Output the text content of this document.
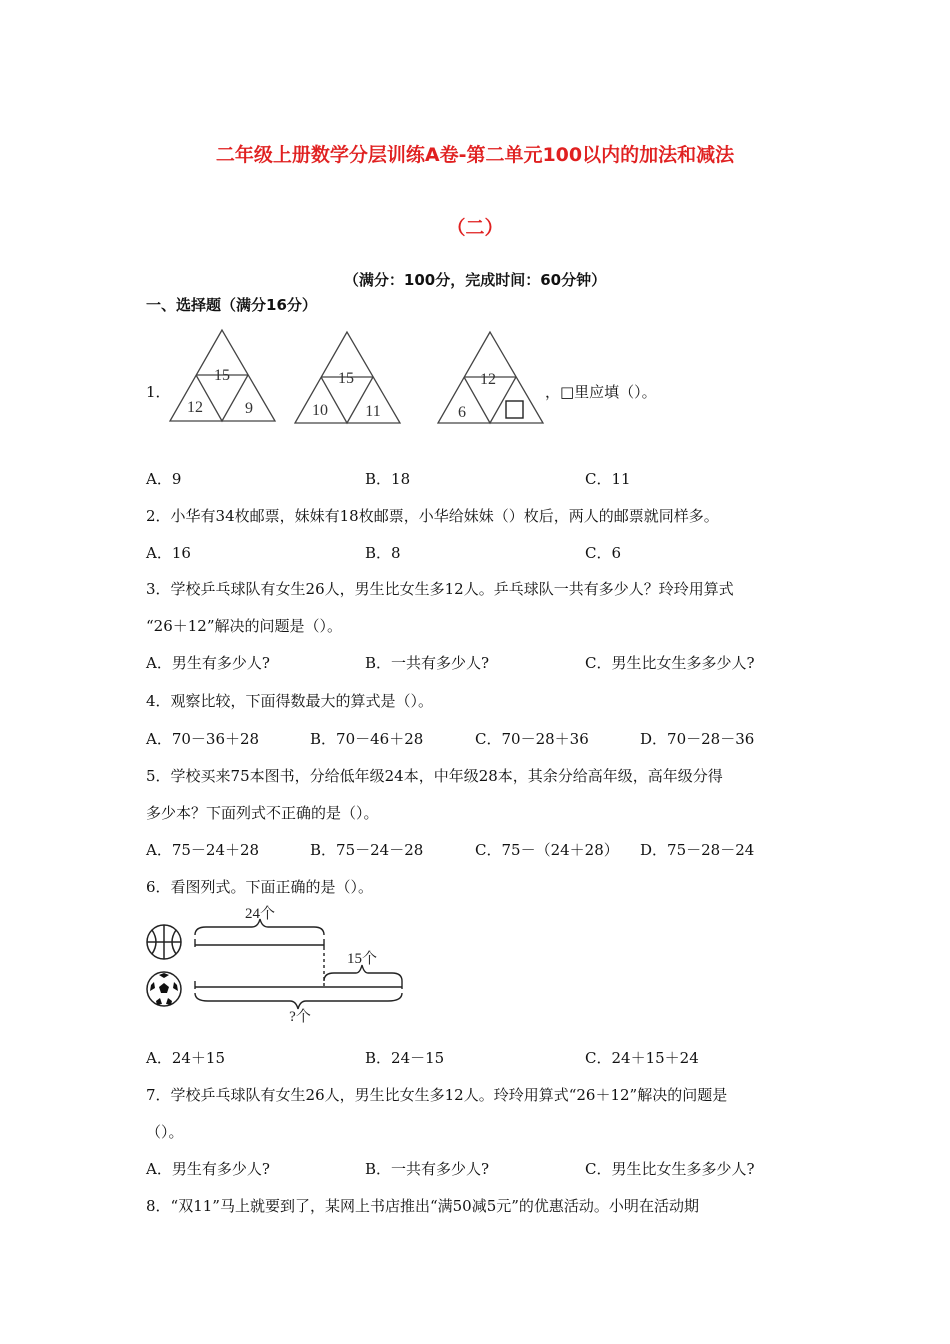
二年级上册数学分层训练A卷-第二单元100以内的加法和减法
（二）
（满分：100分，完成时间：60分钟）
一、选择题（满分16分）
1．
15
12	9
15
10 11
12
6
，□里应填（）。
A．9	B．18	C．11
2．小华有34枚邮票，妹妹有18枚邮票，小华给妹妹（）枚后，两人的邮票就同样多。
A．16	B．8	C．6
3．学校乒乓球队有女生26人，男生比女生多12人。乒乓球队一共有多少人？玲玲用算式
“26＋12”解决的问题是（）。
A．男生有多少人?	B．一共有多少人?	C．男生比女生多多少人?
4．观察比较，下面得数最大的算式是（）。
A．70－36＋28	B．70－46＋28	C．70－28＋36	D．70－28－36
5．学校买来75本图书，分给低年级24本，中年级28本，其余分给高年级，高年级分得
多少本？下面列式不正确的是（）。
A．75－24＋28	B．75－24－28	C．75－（24＋28） D．75－28－24
6．看图列式。下面正确的是（）。
24个
15个
?个
A．24＋15	B．24－15	C．24＋15＋24
7．学校乒乓球队有女生26人，男生比女生多12人。玲玲用算式“26＋12”解决的问题是
（）。
A．男生有多少人?	B．一共有多少人?	C．男生比女生多多少人?
8．“双11”马上就要到了，某网上书店推出“满50减5元”的优惠活动。小明在活动期
